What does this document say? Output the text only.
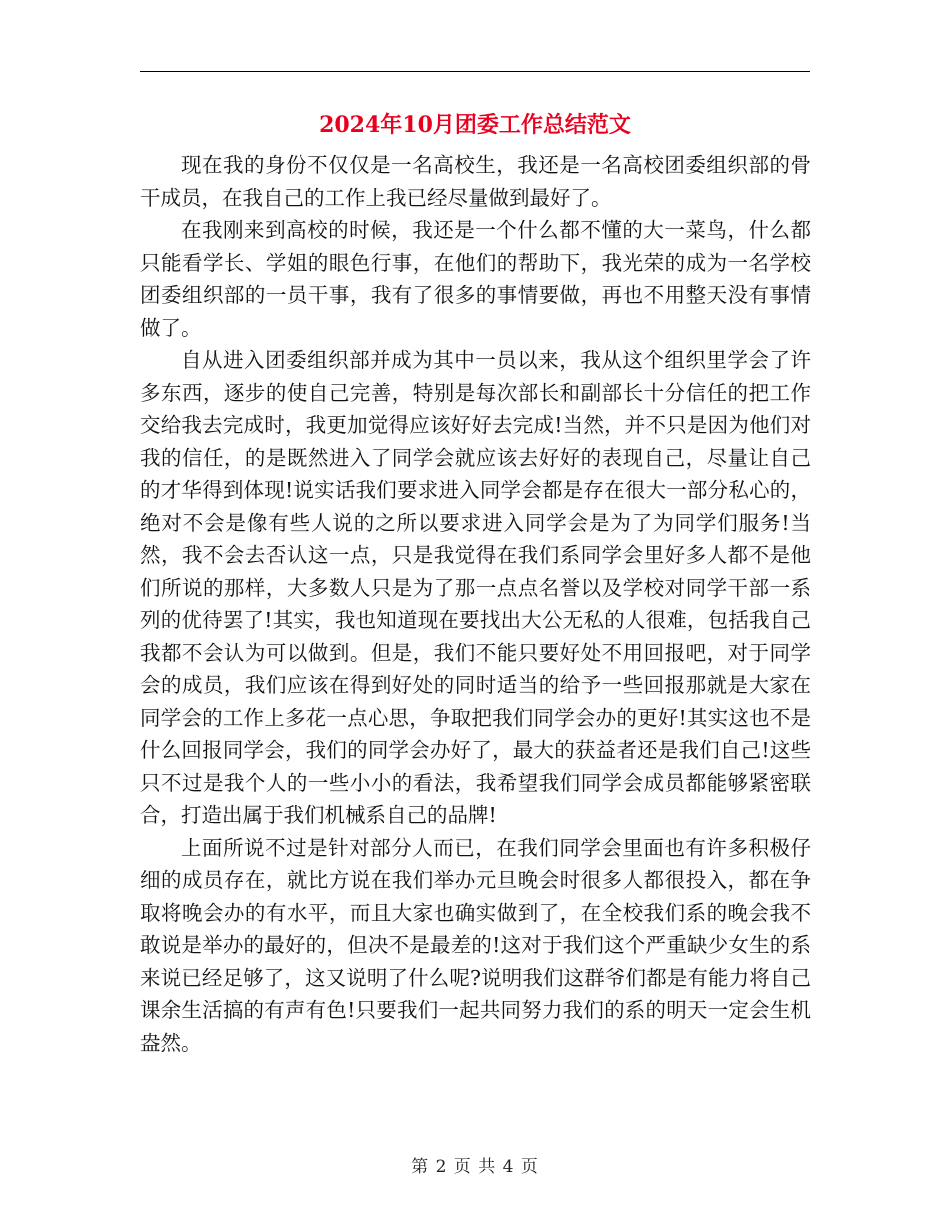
2024年10月团委工作总结范文

现在我的身份不仅仅是一名高校生，我还是一名高校团委组织部的骨干成员，在我自己的工作上我已经尽量做到最好了。

在我刚来到高校的时候，我还是一个什么都不懂的大一菜鸟，什么都只能看学长、学姐的眼色行事，在他们的帮助下，我光荣的成为一名学校团委组织部的一员干事，我有了很多的事情要做，再也不用整天没有事情做了。

自从进入团委组织部并成为其中一员以来，我从这个组织里学会了许多东西，逐步的使自己完善，特别是每次部长和副部长十分信任的把工作交给我去完成时，我更加觉得应该好好去完成!当然，并不只是因为他们对我的信任，的是既然进入了同学会就应该去好好的表现自己，尽量让自己的才华得到体现!说实话我们要求进入同学会都是存在很大一部分私心的，绝对不会是像有些人说的之所以要求进入同学会是为了为同学们服务!当然，我不会去否认这一点，只是我觉得在我们系同学会里好多人都不是他们所说的那样，大多数人只是为了那一点点名誉以及学校对同学干部一系列的优待罢了!其实，我也知道现在要找出大公无私的人很难，包括我自己我都不会认为可以做到。但是，我们不能只要好处不用回报吧，对于同学会的成员，我们应该在得到好处的同时适当的给予一些回报那就是大家在同学会的工作上多花一点心思，争取把我们同学会办的更好!其实这也不是什么回报同学会，我们的同学会办好了，最大的获益者还是我们自己!这些只不过是我个人的一些小小的看法，我希望我们同学会成员都能够紧密联合，打造出属于我们机械系自己的品牌!

上面所说不过是针对部分人而已，在我们同学会里面也有许多积极仔细的成员存在，就比方说在我们举办元旦晚会时很多人都很投入，都在争取将晚会办的有水平，而且大家也确实做到了，在全校我们系的晚会我不敢说是举办的最好的，但决不是最差的!这对于我们这个严重缺少女生的系来说已经足够了，这又说明了什么呢?说明我们这群爷们都是有能力将自己课余生活搞的有声有色!只要我们一起共同努力我们的系的明天一定会生机盎然。

第 2 页 共 4 页
